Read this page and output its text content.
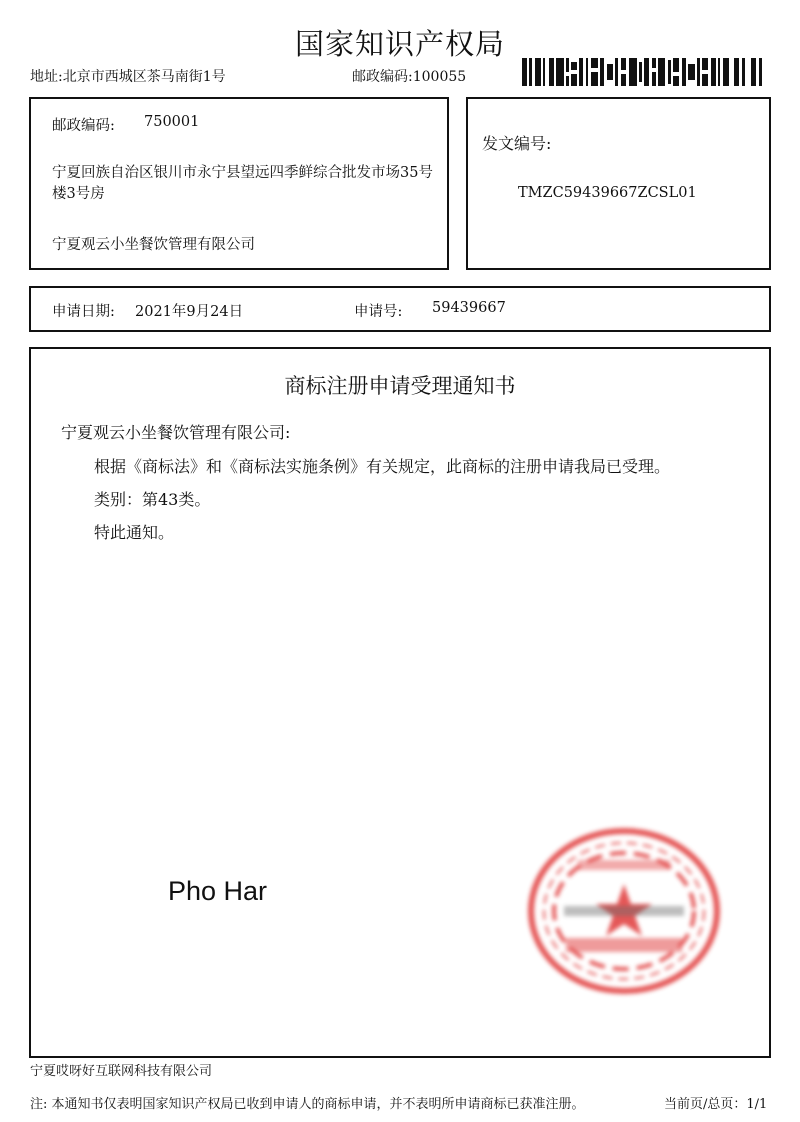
国家知识产权局
地址:北京市西城区茶马南街1号	邮政编码:100055
邮政编码: 750001
宁夏回族自治区银川市永宁县望远四季鲜综合批发市场35号楼3号房
宁夏观云小坐餐饮管理有限公司
发文编号:
TMZC59439667ZCSL01
申请日期: 2021年9月24日	申请号: 59439667
商标注册申请受理通知书
宁夏观云小坐餐饮管理有限公司:
根据《商标法》和《商标法实施条例》有关规定，此商标的注册申请我局已受理。
类别：第43类。
特此通知。
Pho Har
宁夏哎呀好互联网科技有限公司
注: 本通知书仅表明国家知识产权局已收到申请人的商标申请，并不表明所申请商标已获准注册。	当前页/总页：1/1
